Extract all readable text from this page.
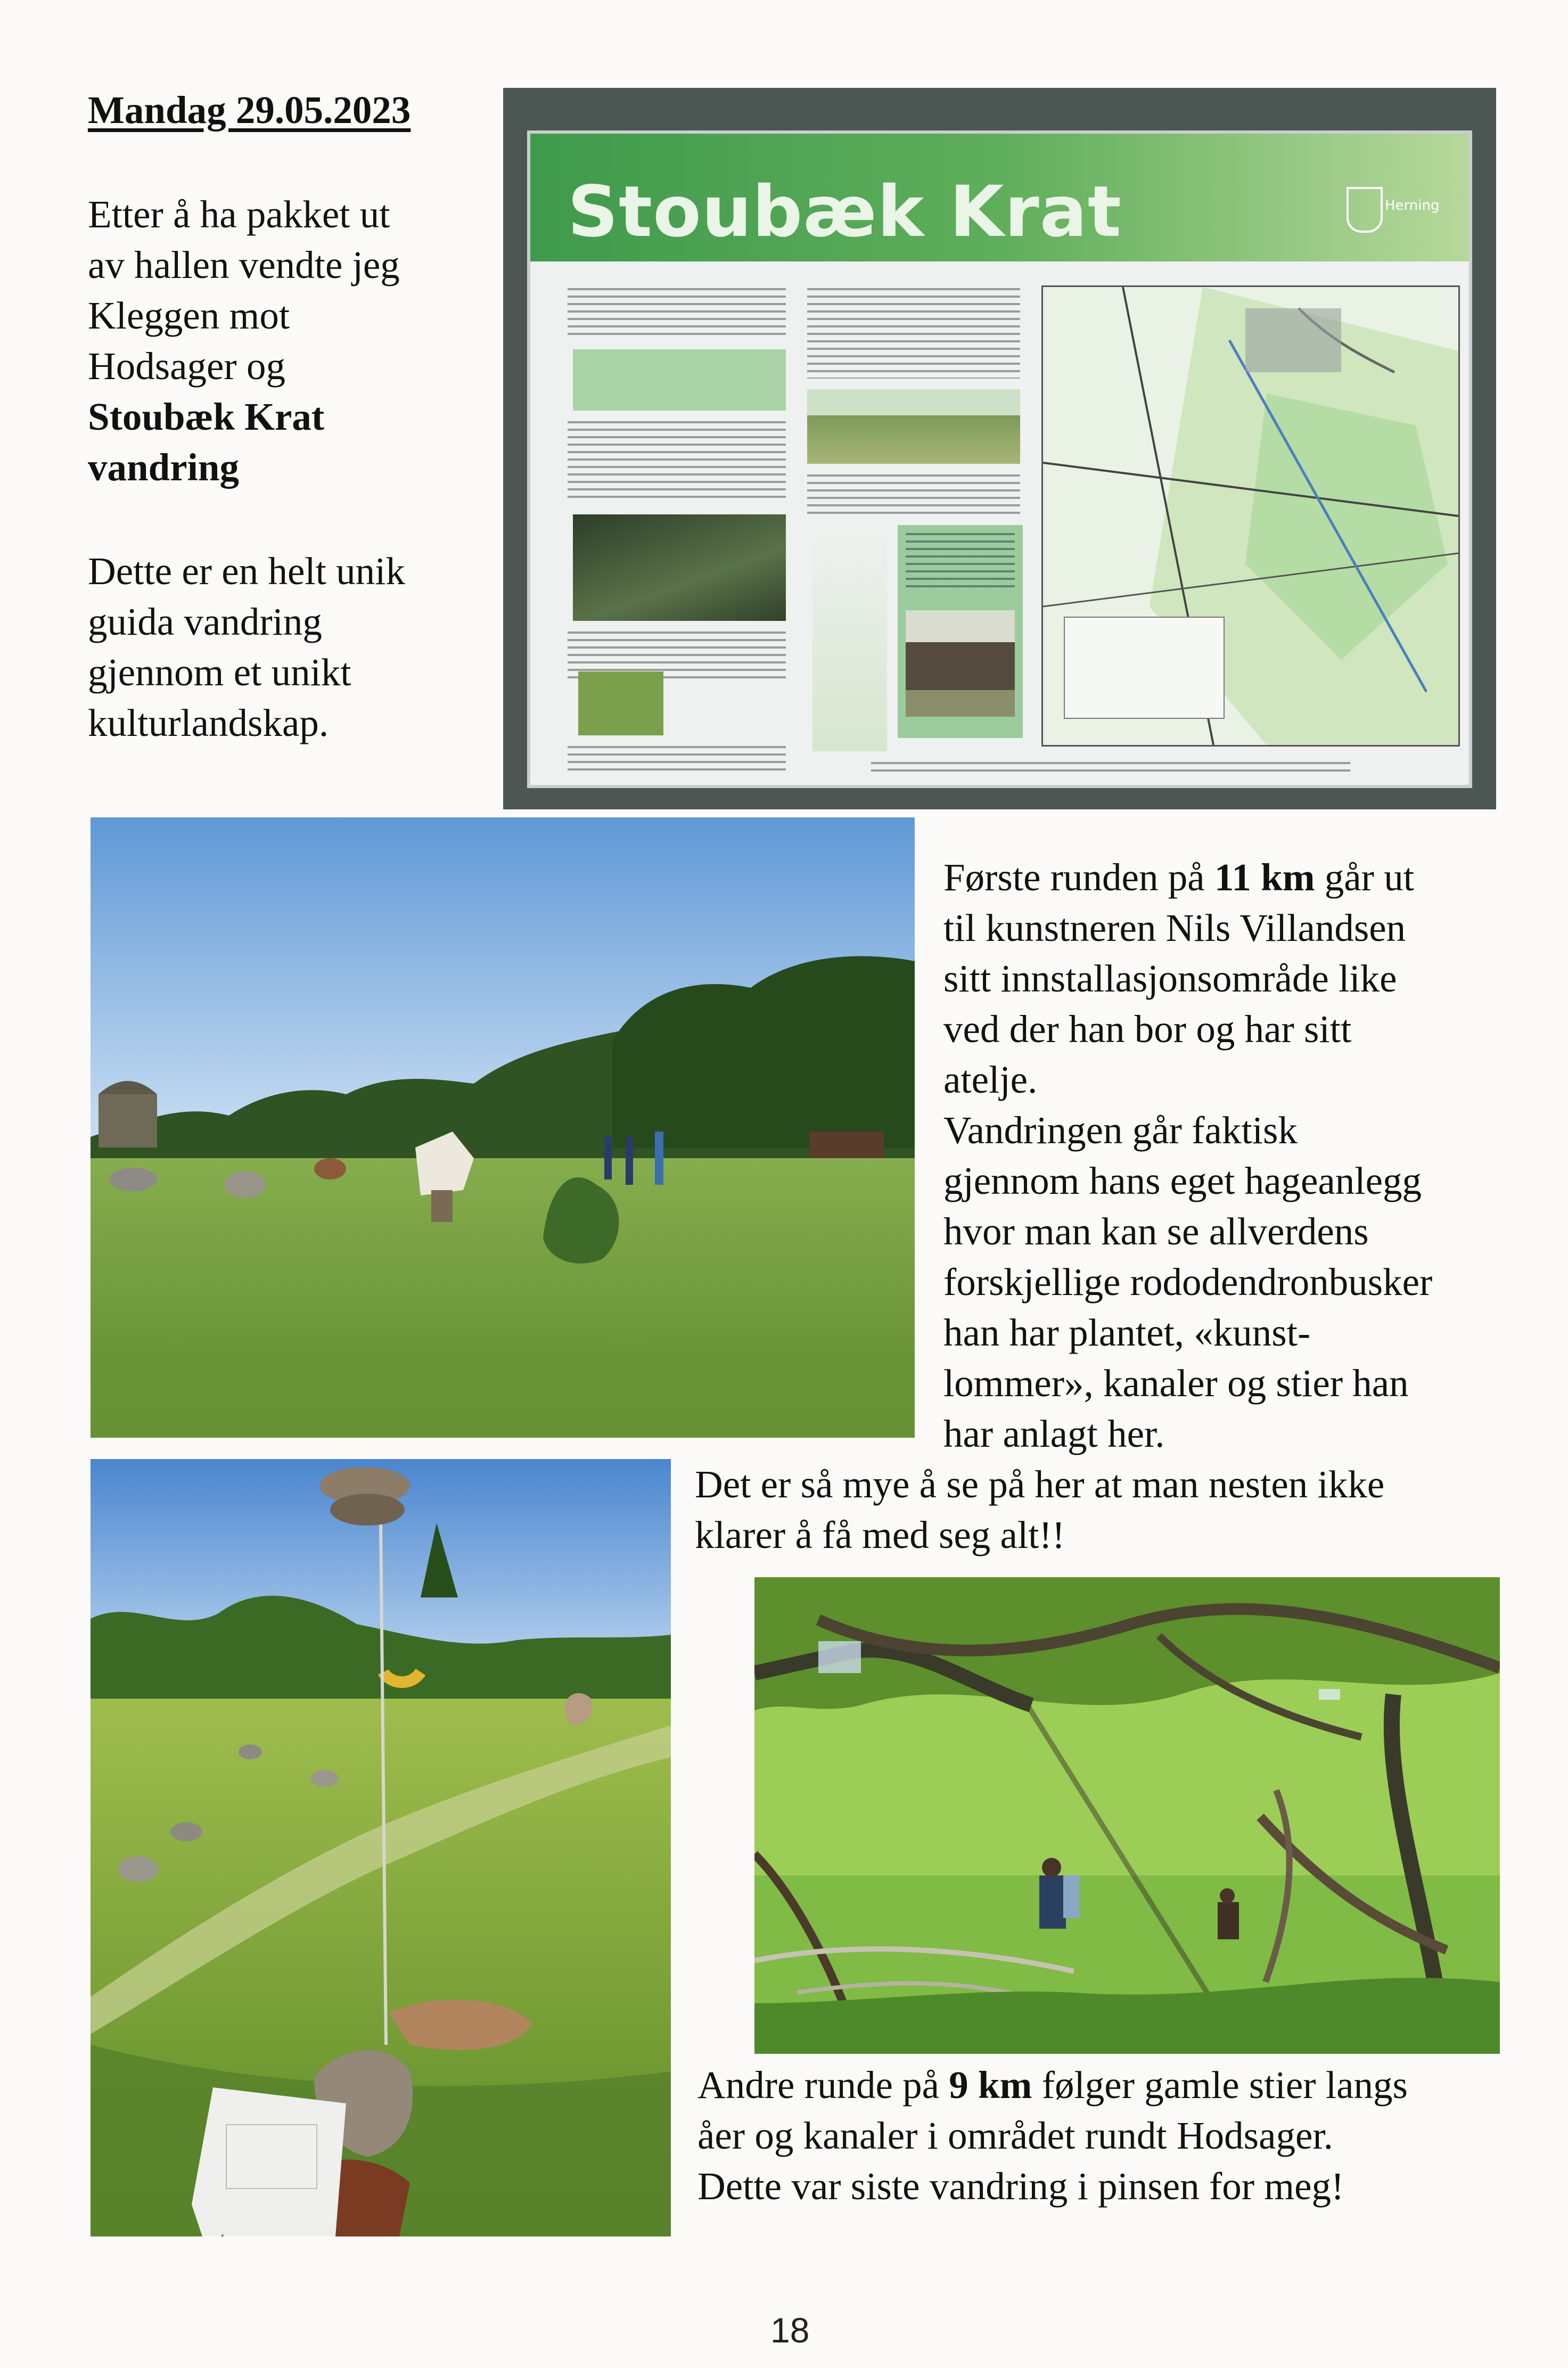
Mandag 29.05.2023
Etter å ha pakket ut
av hallen vendte jeg
Kleggen mot
Hodsager og
Stoubæk Krat
vandring
Dette er en helt unik
guida vandring
gjennom et unikt
kulturlandskap.
Stoubæk Krat	Herning
Første runden på 11 km går ut
til kunstneren Nils Villandsen
sitt innstallasjonsområde like
ved der han bor og har sitt
atelje.
Vandringen går faktisk
gjennom hans eget hageanlegg
hvor man kan se allverdens
forskjellige rododendronbusker
han har plantet, «kunst-
lommer», kanaler og stier han
har anlagt her.
Det er så mye å se på her at man nesten ikke
klarer å få med seg alt!!
Andre runde på 9 km følger gamle stier langs
åer og kanaler i området rundt Hodsager.
Dette var siste vandring i pinsen for meg!
18
